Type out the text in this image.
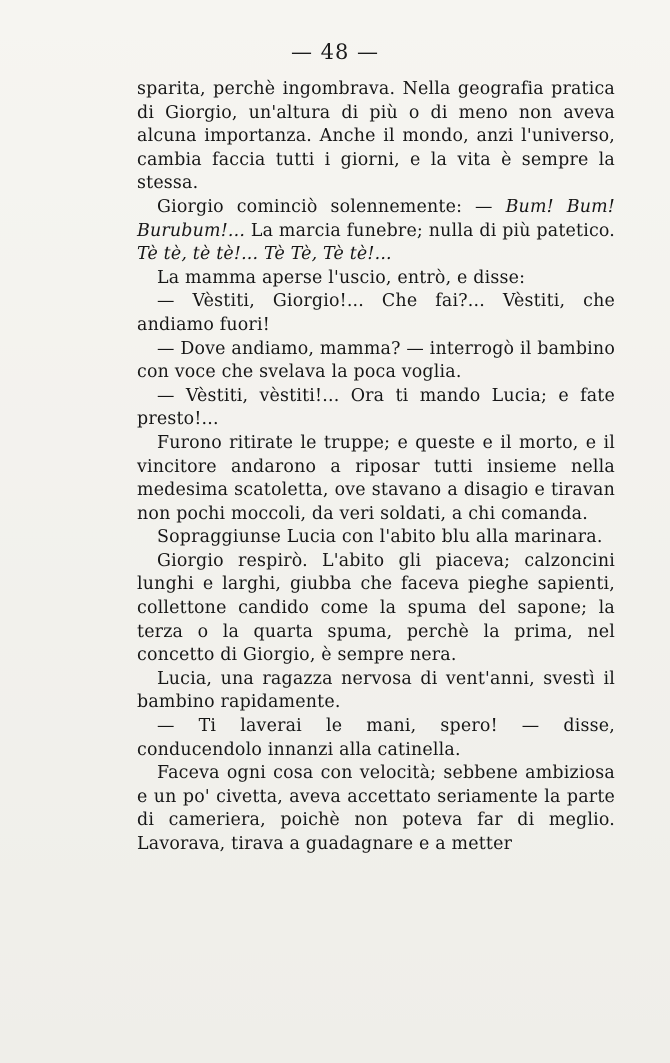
— 48 —

sparita, perchè ingombrava. Nella geografia pratica di Giorgio, un'altura di più o di meno non aveva alcuna importanza. Anche il mondo, anzi l'universo, cambia faccia tutti i giorni, e la vita è sempre la stessa.

Giorgio cominciò solennemente: — Bum! Bum! Burubum!... La marcia funebre; nulla di più patetico. Tè tè, tè tè!... Tè Tè, Tè tè!...

La mamma aperse l'uscio, entrò, e disse:

— Vèstiti, Giorgio!... Che fai?... Vèstiti, che andiamo fuori!

— Dove andiamo, mamma? — interrogò il bambino con voce che svelava la poca voglia.

— Vèstiti, vèstiti!... Ora ti mando Lucia; e fate presto!...

Furono ritirate le truppe; e queste e il morto, e il vincitore andarono a riposar tutti insieme nella medesima scatoletta, ove stavano a disagio e tiravan non pochi moccoli, da veri soldati, a chi comanda.

Sopraggiunse Lucia con l'abito blu alla marinara.

Giorgio respirò. L'abito gli piaceva; calzoncini lunghi e larghi, giubba che faceva pieghe sapienti, collettone candido come la spuma del sapone; la terza o la quarta spuma, perchè la prima, nel concetto di Giorgio, è sempre nera.

Lucia, una ragazza nervosa di vent'anni, svestì il bambino rapidamente.

— Ti laverai le mani, spero! — disse, conducendolo innanzi alla catinella.

Faceva ogni cosa con velocità; sebbene ambiziosa e un po' civetta, aveva accettato seriamente la parte di cameriera, poichè non poteva far di meglio. Lavorava, tirava a guadagnare e a metter
